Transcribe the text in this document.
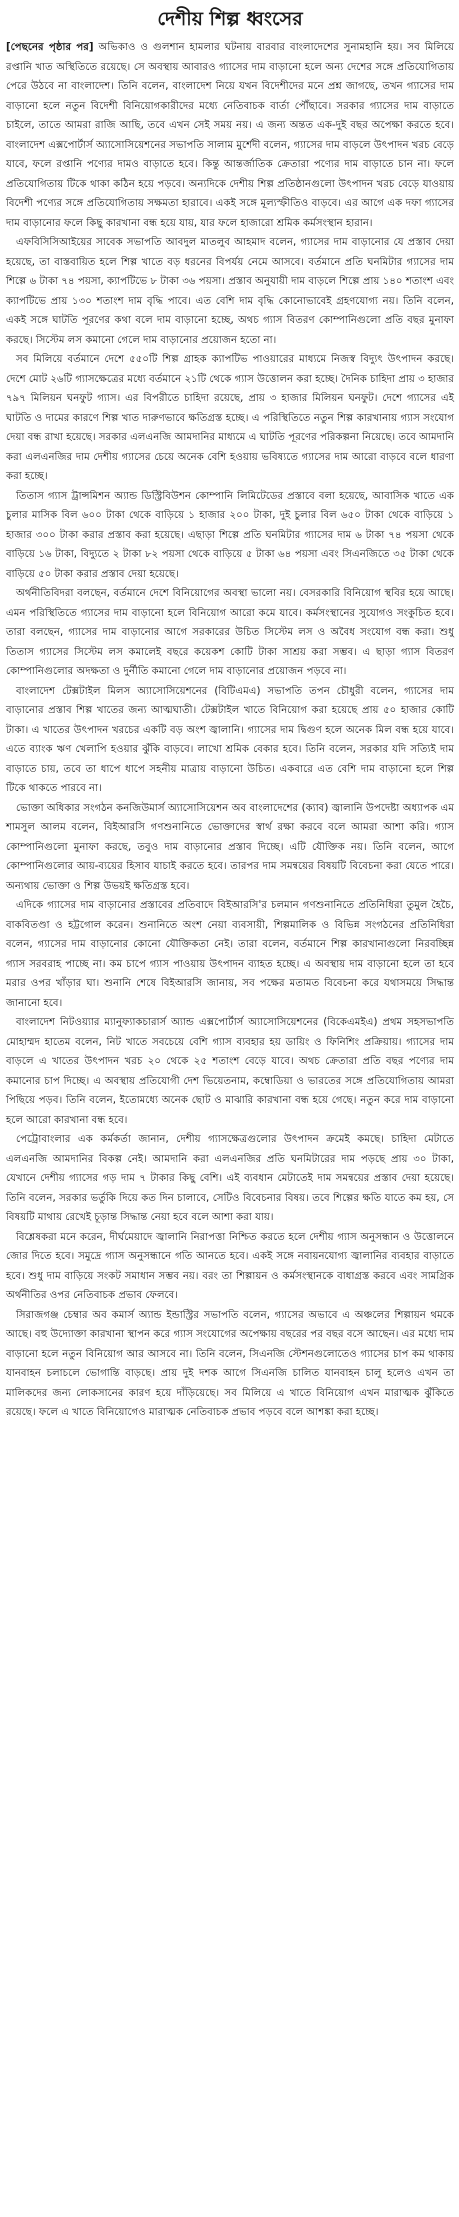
দেশীয় শিল্প ধ্বংসের

[পেছনের পৃষ্ঠার পর] অভিকাও ও গুলশান হামলার ঘটনায় বারবার বাংলাদেশের সুনামহানি হয়। সব মিলিয়ে রপ্তানি খাত অস্থিতিতে রয়েছে। সে অবস্থায় আবারও গ্যাসের দাম বাড়ানো হলে অন্য দেশের সঙ্গে প্রতিযোগিতায় পেরে উঠবে না বাংলাদেশ। তিনি বলেন, বাংলাদেশ নিয়ে যখন বিদেশীদের মনে প্রশ্ন জাগছে, তখন গ্যাসের দাম বাড়ানো হলে নতুন বিদেশী বিনিয়োগকারীদের মধ্যে নেতিবাচক বার্তা পৌঁছাবে। সরকার গ্যাসের দাম বাড়াতে চাইলে, তাতে আমরা রাজি আছি, তবে এখন সেই সময় নয়। এ জন্য অন্তত এক-দুই বছর অপেক্ষা করতে হবে। বাংলাদেশ এক্সপোর্টার্স অ্যাসোসিয়েশনের সভাপতি সালাম মুর্শেদী বলেন, গ্যাসের দাম বাড়লে উৎপাদন খরচ বেড়ে যাবে, ফলে রপ্তানি পণ্যের দামও বাড়াতে হবে। কিন্তু আন্তর্জাতিক ক্রেতারা পণ্যের দাম বাড়াতে চান না। ফলে প্রতিযোগিতায় টিকে থাকা কঠিন হয়ে পড়বে। অন্যদিকে দেশীয় শিল্প প্রতিষ্ঠানগুলো উৎপাদন খরচ বেড়ে যাওয়ায় বিদেশী পণ্যের সঙ্গে প্রতিযোগিতায় সক্ষমতা হারাবে। একই সঙ্গে মূল্যস্ফীতিও বাড়বে। এর আগে এক দফা গ্যাসের দাম বাড়ানোর ফলে কিছু কারখানা বন্ধ হয়ে যায়, যার ফলে হাজারো শ্রমিক কর্মসংস্থান হারান।

এফবিসিসিআইয়ের সাবেক সভাপতি আবদুল মাতলুব আহমাদ বলেন, গ্যাসের দাম বাড়ানোর যে প্রস্তাব দেয়া হয়েছে, তা বাস্তবায়িত হলে শিল্প খাতে বড় ধরনের বিপর্যয় নেমে আসবে। বর্তমানে প্রতি ঘনমিটার গ্যাসের দাম শিল্পে ৬ টাকা ৭৪ পয়সা, ক্যাপটিভে ৮ টাকা ৩৬ পয়সা। প্রস্তাব অনুযায়ী দাম বাড়লে শিল্পে প্রায় ১৪০ শতাংশ এবং ক্যাপটিভে প্রায় ১৩০ শতাংশ দাম বৃদ্ধি পাবে। এত বেশি দাম বৃদ্ধি কোনোভাবেই গ্রহণযোগ্য নয়। তিনি বলেন, একই সঙ্গে ঘাটতি পূরণের কথা বলে দাম বাড়ানো হচ্ছে, অথচ গ্যাস বিতরণ কোম্পানিগুলো প্রতি বছর মুনাফা করছে। সিস্টেম লস কমানো গেলে দাম বাড়ানোর প্রয়োজন হতো না।

সব মিলিয়ে বর্তমানে দেশে ৫৫০টি শিল্প গ্রাহক ক্যাপটিভ পাওয়ারের মাধ্যমে নিজস্ব বিদ্যুৎ উৎপাদন করছে। দেশে মোট ২৬টি গ্যাসক্ষেত্রের মধ্যে বর্তমানে ২১টি থেকে গ্যাস উত্তোলন করা হচ্ছে। দৈনিক চাহিদা প্রায় ৩ হাজার ৭৯৭ মিলিয়ন ঘনফুট গ্যাস। এর বিপরীতে চাহিদা রয়েছে, প্রায় ৩ হাজার মিলিয়ন ঘনফুট। দেশে গ্যাসের এই ঘাটতি ও দামের কারণে শিল্প খাত দারুণভাবে ক্ষতিগ্রস্ত হচ্ছে। এ পরিস্থিতিতে নতুন শিল্প কারখানায় গ্যাস সংযোগ দেয়া বন্ধ রাখা হয়েছে। সরকার এলএনজি আমদানির মাধ্যমে এ ঘাটতি পূরণের পরিকল্পনা নিয়েছে। তবে আমদানি করা এলএনজির দাম দেশীয় গ্যাসের চেয়ে অনেক বেশি হওয়ায় ভবিষ্যতে গ্যাসের দাম আরো বাড়বে বলে ধারণা করা হচ্ছে।

তিতাস গ্যাস ট্রান্সমিশন অ্যান্ড ডিস্ট্রিবিউশন কোম্পানি লিমিটেডের প্রস্তাবে বলা হয়েছে, আবাসিক খাতে এক চুলার মাসিক বিল ৬০০ টাকা থেকে বাড়িয়ে ১ হাজার ২০০ টাকা, দুই চুলার বিল ৬৫০ টাকা থেকে বাড়িয়ে ১ হাজার ৩০০ টাকা করার প্রস্তাব করা হয়েছে। এছাড়া শিল্পে প্রতি ঘনমিটার গ্যাসের দাম ৬ টাকা ৭৪ পয়সা থেকে বাড়িয়ে ১৬ টাকা, বিদ্যুতে ২ টাকা ৮২ পয়সা থেকে বাড়িয়ে ৫ টাকা ৬৪ পয়সা এবং সিএনজিতে ৩৫ টাকা থেকে বাড়িয়ে ৫০ টাকা করার প্রস্তাব দেয়া হয়েছে।

অর্থনীতিবিদরা বলছেন, বর্তমানে দেশে বিনিয়োগের অবস্থা ভালো নয়। বেসরকারি বিনিয়োগ স্থবির হয়ে আছে। এমন পরিস্থিতিতে গ্যাসের দাম বাড়ানো হলে বিনিয়োগ আরো কমে যাবে। কর্মসংস্থানের সুযোগও সংকুচিত হবে। তারা বলছেন, গ্যাসের দাম বাড়ানোর আগে সরকারের উচিত সিস্টেম লস ও অবৈধ সংযোগ বন্ধ করা। শুধু তিতাস গ্যাসের সিস্টেম লস কমালেই বছরে কয়েকশ কোটি টাকা সাশ্রয় করা সম্ভব। এ ছাড়া গ্যাস বিতরণ কোম্পানিগুলোর অদক্ষতা ও দুর্নীতি কমানো গেলে দাম বাড়ানোর প্রয়োজন পড়বে না।

বাংলাদেশ টেক্সটাইল মিলস অ্যাসোসিয়েশনের (বিটিএমএ) সভাপতি তপন চৌধুরী বলেন, গ্যাসের দাম বাড়ানোর প্রস্তাব শিল্প খাতের জন্য আত্মঘাতী। টেক্সটাইল খাতে বিনিয়োগ করা হয়েছে প্রায় ৫০ হাজার কোটি টাকা। এ খাতের উৎপাদন খরচের একটি বড় অংশ জ্বালানি। গ্যাসের দাম দ্বিগুণ হলে অনেক মিল বন্ধ হয়ে যাবে। এতে ব্যাংক ঋণ খেলাপি হওয়ার ঝুঁকি বাড়বে। লাখো শ্রমিক বেকার হবে। তিনি বলেন, সরকার যদি সত্যিই দাম বাড়াতে চায়, তবে তা ধাপে ধাপে সহনীয় মাত্রায় বাড়ানো উচিত। একবারে এত বেশি দাম বাড়ানো হলে শিল্প টিকে থাকতে পারবে না।

ভোক্তা অধিকার সংগঠন কনজিউমার্স অ্যাসোসিয়েশন অব বাংলাদেশের (ক্যাব) জ্বালানি উপদেষ্টা অধ্যাপক এম শামসুল আলম বলেন, বিইআরসি গণশুনানিতে ভোক্তাদের স্বার্থ রক্ষা করবে বলে আমরা আশা করি। গ্যাস কোম্পানিগুলো মুনাফা করছে, তবুও দাম বাড়ানোর প্রস্তাব দিচ্ছে। এটি যৌক্তিক নয়। তিনি বলেন, আগে কোম্পানিগুলোর আয়-ব্যয়ের হিসাব যাচাই করতে হবে। তারপর দাম সমন্বয়ের বিষয়টি বিবেচনা করা যেতে পারে। অন্যথায় ভোক্তা ও শিল্প উভয়ই ক্ষতিগ্রস্ত হবে।

এদিকে গ্যাসের দাম বাড়ানোর প্রস্তাবের প্রতিবাদে বিইআরসি'র চলমান গণশুনানিতে প্রতিনিধিরা তুমুল হৈচৈ, বাকবিতণ্ডা ও হট্টগোল করেন। শুনানিতে অংশ নেয়া ব্যবসায়ী, শিল্পমালিক ও বিভিন্ন সংগঠনের প্রতিনিধিরা বলেন, গ্যাসের দাম বাড়ানোর কোনো যৌক্তিকতা নেই। তারা বলেন, বর্তমানে শিল্প কারখানাগুলো নিরবচ্ছিন্ন গ্যাস সরবরাহ পাচ্ছে না। কম চাপে গ্যাস পাওয়ায় উৎপাদন ব্যাহত হচ্ছে। এ অবস্থায় দাম বাড়ানো হলে তা হবে মরার ওপর খাঁড়ার ঘা। শুনানি শেষে বিইআরসি জানায়, সব পক্ষের মতামত বিবেচনা করে যথাসময়ে সিদ্ধান্ত জানানো হবে।

বাংলাদেশ নিটওয়্যার ম্যানুফ্যাকচারার্স অ্যান্ড এক্সপোর্টার্স অ্যাসোসিয়েশনের (বিকেএমইএ) প্রথম সহসভাপতি মোহাম্মদ হাতেম বলেন, নিট খাতে সবচেয়ে বেশি গ্যাস ব্যবহার হয় ডায়িং ও ফিনিশিং প্রক্রিয়ায়। গ্যাসের দাম বাড়লে এ খাতের উৎপাদন খরচ ২০ থেকে ২৫ শতাংশ বেড়ে যাবে। অথচ ক্রেতারা প্রতি বছর পণ্যের দাম কমানোর চাপ দিচ্ছে। এ অবস্থায় প্রতিযোগী দেশ ভিয়েতনাম, কম্বোডিয়া ও ভারতের সঙ্গে প্রতিযোগিতায় আমরা পিছিয়ে পড়ব। তিনি বলেন, ইতোমধ্যে অনেক ছোট ও মাঝারি কারখানা বন্ধ হয়ে গেছে। নতুন করে দাম বাড়ানো হলে আরো কারখানা বন্ধ হবে।

পেট্রোবাংলার এক কর্মকর্তা জানান, দেশীয় গ্যাসক্ষেত্রগুলোর উৎপাদন ক্রমেই কমছে। চাহিদা মেটাতে এলএনজি আমদানির বিকল্প নেই। আমদানি করা এলএনজির প্রতি ঘনমিটারের দাম পড়ছে প্রায় ৩০ টাকা, যেখানে দেশীয় গ্যাসের গড় দাম ৭ টাকার কিছু বেশি। এই ব্যবধান মেটাতেই দাম সমন্বয়ের প্রস্তাব দেয়া হয়েছে। তিনি বলেন, সরকার ভর্তুকি দিয়ে কত দিন চালাবে, সেটিও বিবেচনার বিষয়। তবে শিল্পের ক্ষতি যাতে কম হয়, সে বিষয়টি মাথায় রেখেই চূড়ান্ত সিদ্ধান্ত নেয়া হবে বলে আশা করা যায়।

বিশ্লেষকরা মনে করেন, দীর্ঘমেয়াদে জ্বালানি নিরাপত্তা নিশ্চিত করতে হলে দেশীয় গ্যাস অনুসন্ধান ও উত্তোলনে জোর দিতে হবে। সমুদ্রে গ্যাস অনুসন্ধানে গতি আনতে হবে। একই সঙ্গে নবায়নযোগ্য জ্বালানির ব্যবহার বাড়াতে হবে। শুধু দাম বাড়িয়ে সংকট সমাধান সম্ভব নয়। বরং তা শিল্পায়ন ও কর্মসংস্থানকে বাধাগ্রস্ত করবে এবং সামগ্রিক অর্থনীতির ওপর নেতিবাচক প্রভাব ফেলবে।

সিরাজগঞ্জ চেম্বার অব কমার্স অ্যান্ড ইন্ডাস্ট্রির সভাপতি বলেন, গ্যাসের অভাবে এ অঞ্চলের শিল্পায়ন থমকে আছে। বহু উদ্যোক্তা কারখানা স্থাপন করে গ্যাস সংযোগের অপেক্ষায় বছরের পর বছর বসে আছেন। এর মধ্যে দাম বাড়ানো হলে নতুন বিনিয়োগ আর আসবে না। তিনি বলেন, সিএনজি স্টেশনগুলোতেও গ্যাসের চাপ কম থাকায় যানবাহন চলাচলে ভোগান্তি বাড়ছে। প্রায় দুই দশক আগে সিএনজি চালিত যানবাহন চালু হলেও এখন তা মালিকদের জন্য লোকসানের কারণ হয়ে দাঁড়িয়েছে। সব মিলিয়ে এ খাতে বিনিয়োগ এখন মারাত্মক ঝুঁকিতে রয়েছে। ফলে এ খাতে বিনিয়োগেও মারাত্মক নেতিবাচক প্রভাব পড়বে বলে আশঙ্কা করা হচ্ছে।
